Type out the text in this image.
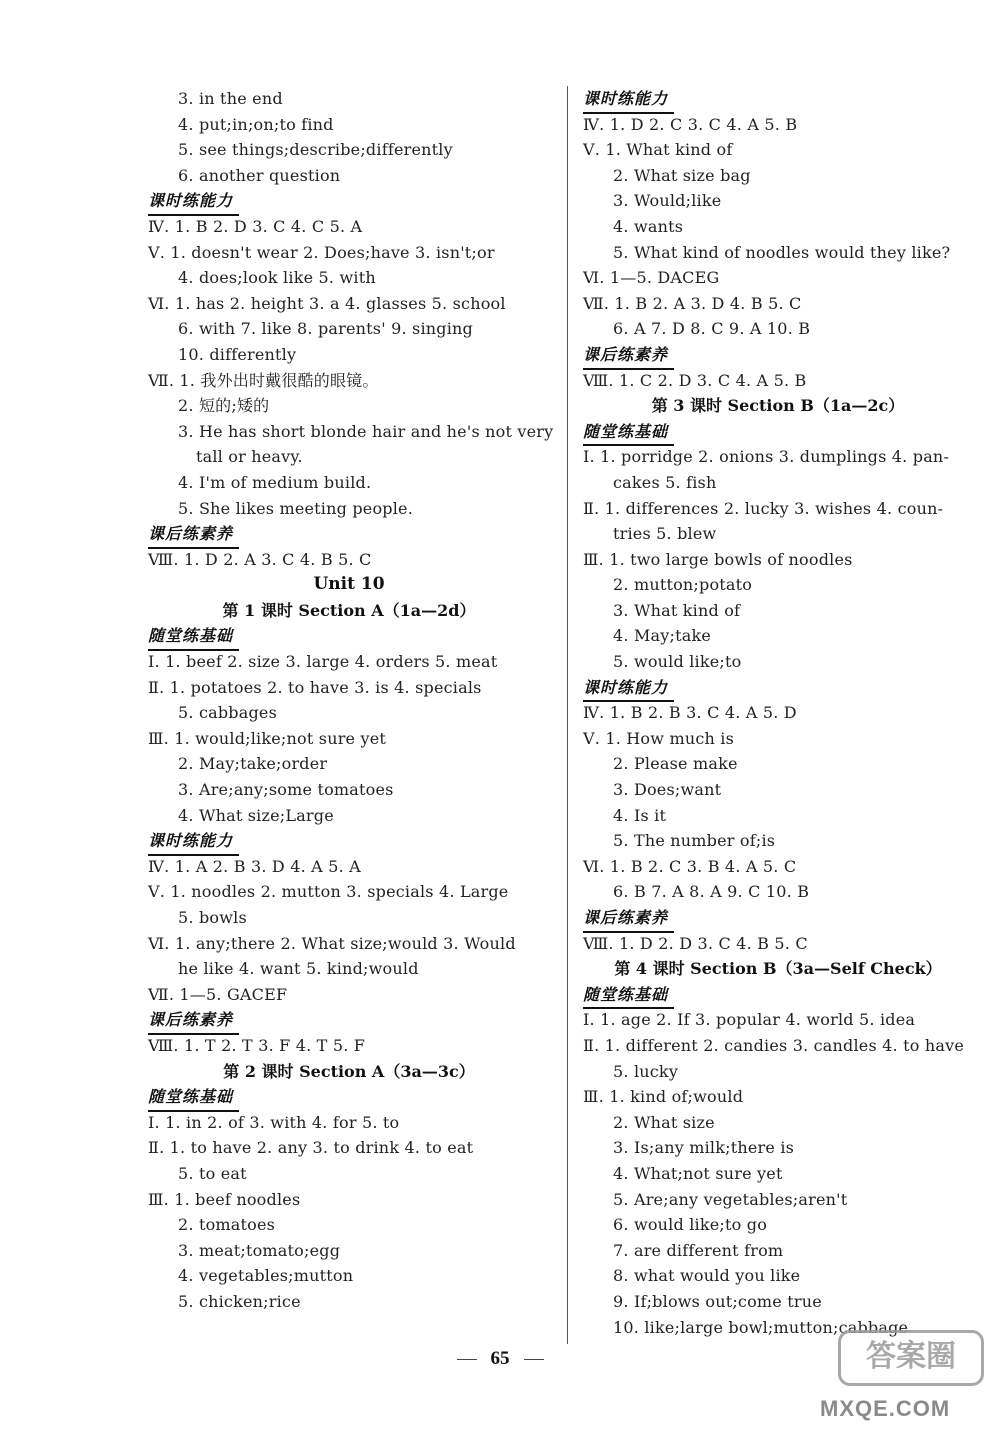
3. in the end
4. put;in;on;to find
5. see things;describe;differently
6. another question
课时练能力
Ⅳ. 1. B 2. D 3. C 4. C 5. A
Ⅴ. 1. doesn't wear 2. Does;have 3. isn't;or
4. does;look like 5. with
Ⅵ. 1. has 2. height 3. a 4. glasses 5. school
6. with 7. like 8. parents' 9. singing
10. differently
Ⅶ. 1. 我外出时戴很酷的眼镜。
2. 短的;矮的
3. He has short blonde hair and he's not very
tall or heavy.
4. I'm of medium build.
5. She likes meeting people.
课后练素养
Ⅷ. 1. D 2. A 3. C 4. B 5. C
Unit 10
第 1 课时 Section A（1a—2d）
随堂练基础
Ⅰ. 1. beef 2. size 3. large 4. orders 5. meat
Ⅱ. 1. potatoes 2. to have 3. is 4. specials
5. cabbages
Ⅲ. 1. would;like;not sure yet
2. May;take;order
3. Are;any;some tomatoes
4. What size;Large
课时练能力
Ⅳ. 1. A 2. B 3. D 4. A 5. A
Ⅴ. 1. noodles 2. mutton 3. specials 4. Large
5. bowls
Ⅵ. 1. any;there 2. What size;would 3. Would
he like 4. want 5. kind;would
Ⅶ. 1—5. GACEF
课后练素养
Ⅷ. 1. T 2. T 3. F 4. T 5. F
第 2 课时 Section A（3a—3c）
随堂练基础
Ⅰ. 1. in 2. of 3. with 4. for 5. to
Ⅱ. 1. to have 2. any 3. to drink 4. to eat
5. to eat
Ⅲ. 1. beef noodles
2. tomatoes
3. meat;tomato;egg
4. vegetables;mutton
5. chicken;rice
课时练能力
Ⅳ. 1. D 2. C 3. C 4. A 5. B
Ⅴ. 1. What kind of
2. What size bag
3. Would;like
4. wants
5. What kind of noodles would they like?
Ⅵ. 1—5. DACEG
Ⅶ. 1. B 2. A 3. D 4. B 5. C
6. A 7. D 8. C 9. A 10. B
课后练素养
Ⅷ. 1. C 2. D 3. C 4. A 5. B
第 3 课时 Section B（1a—2c）
随堂练基础
Ⅰ. 1. porridge 2. onions 3. dumplings 4. pan-
cakes 5. fish
Ⅱ. 1. differences 2. lucky 3. wishes 4. coun-
tries 5. blew
Ⅲ. 1. two large bowls of noodles
2. mutton;potato
3. What kind of
4. May;take
5. would like;to
课时练能力
Ⅳ. 1. B 2. B 3. C 4. A 5. D
Ⅴ. 1. How much is
2. Please make
3. Does;want
4. Is it
5. The number of;is
Ⅵ. 1. B 2. C 3. B 4. A 5. C
6. B 7. A 8. A 9. C 10. B
课后练素养
Ⅷ. 1. D 2. D 3. C 4. B 5. C
第 4 课时 Section B（3a—Self Check）
随堂练基础
Ⅰ. 1. age 2. If 3. popular 4. world 5. idea
Ⅱ. 1. different 2. candies 3. candles 4. to have
5. lucky
Ⅲ. 1. kind of;would
2. What size
3. Is;any milk;there is
4. What;not sure yet
5. Are;any vegetables;aren't
6. would like;to go
7. are different from
8. what would you like
9. If;blows out;come true
10. like;large bowl;mutton;cabbage
65	答案圈
MXQE.COM
